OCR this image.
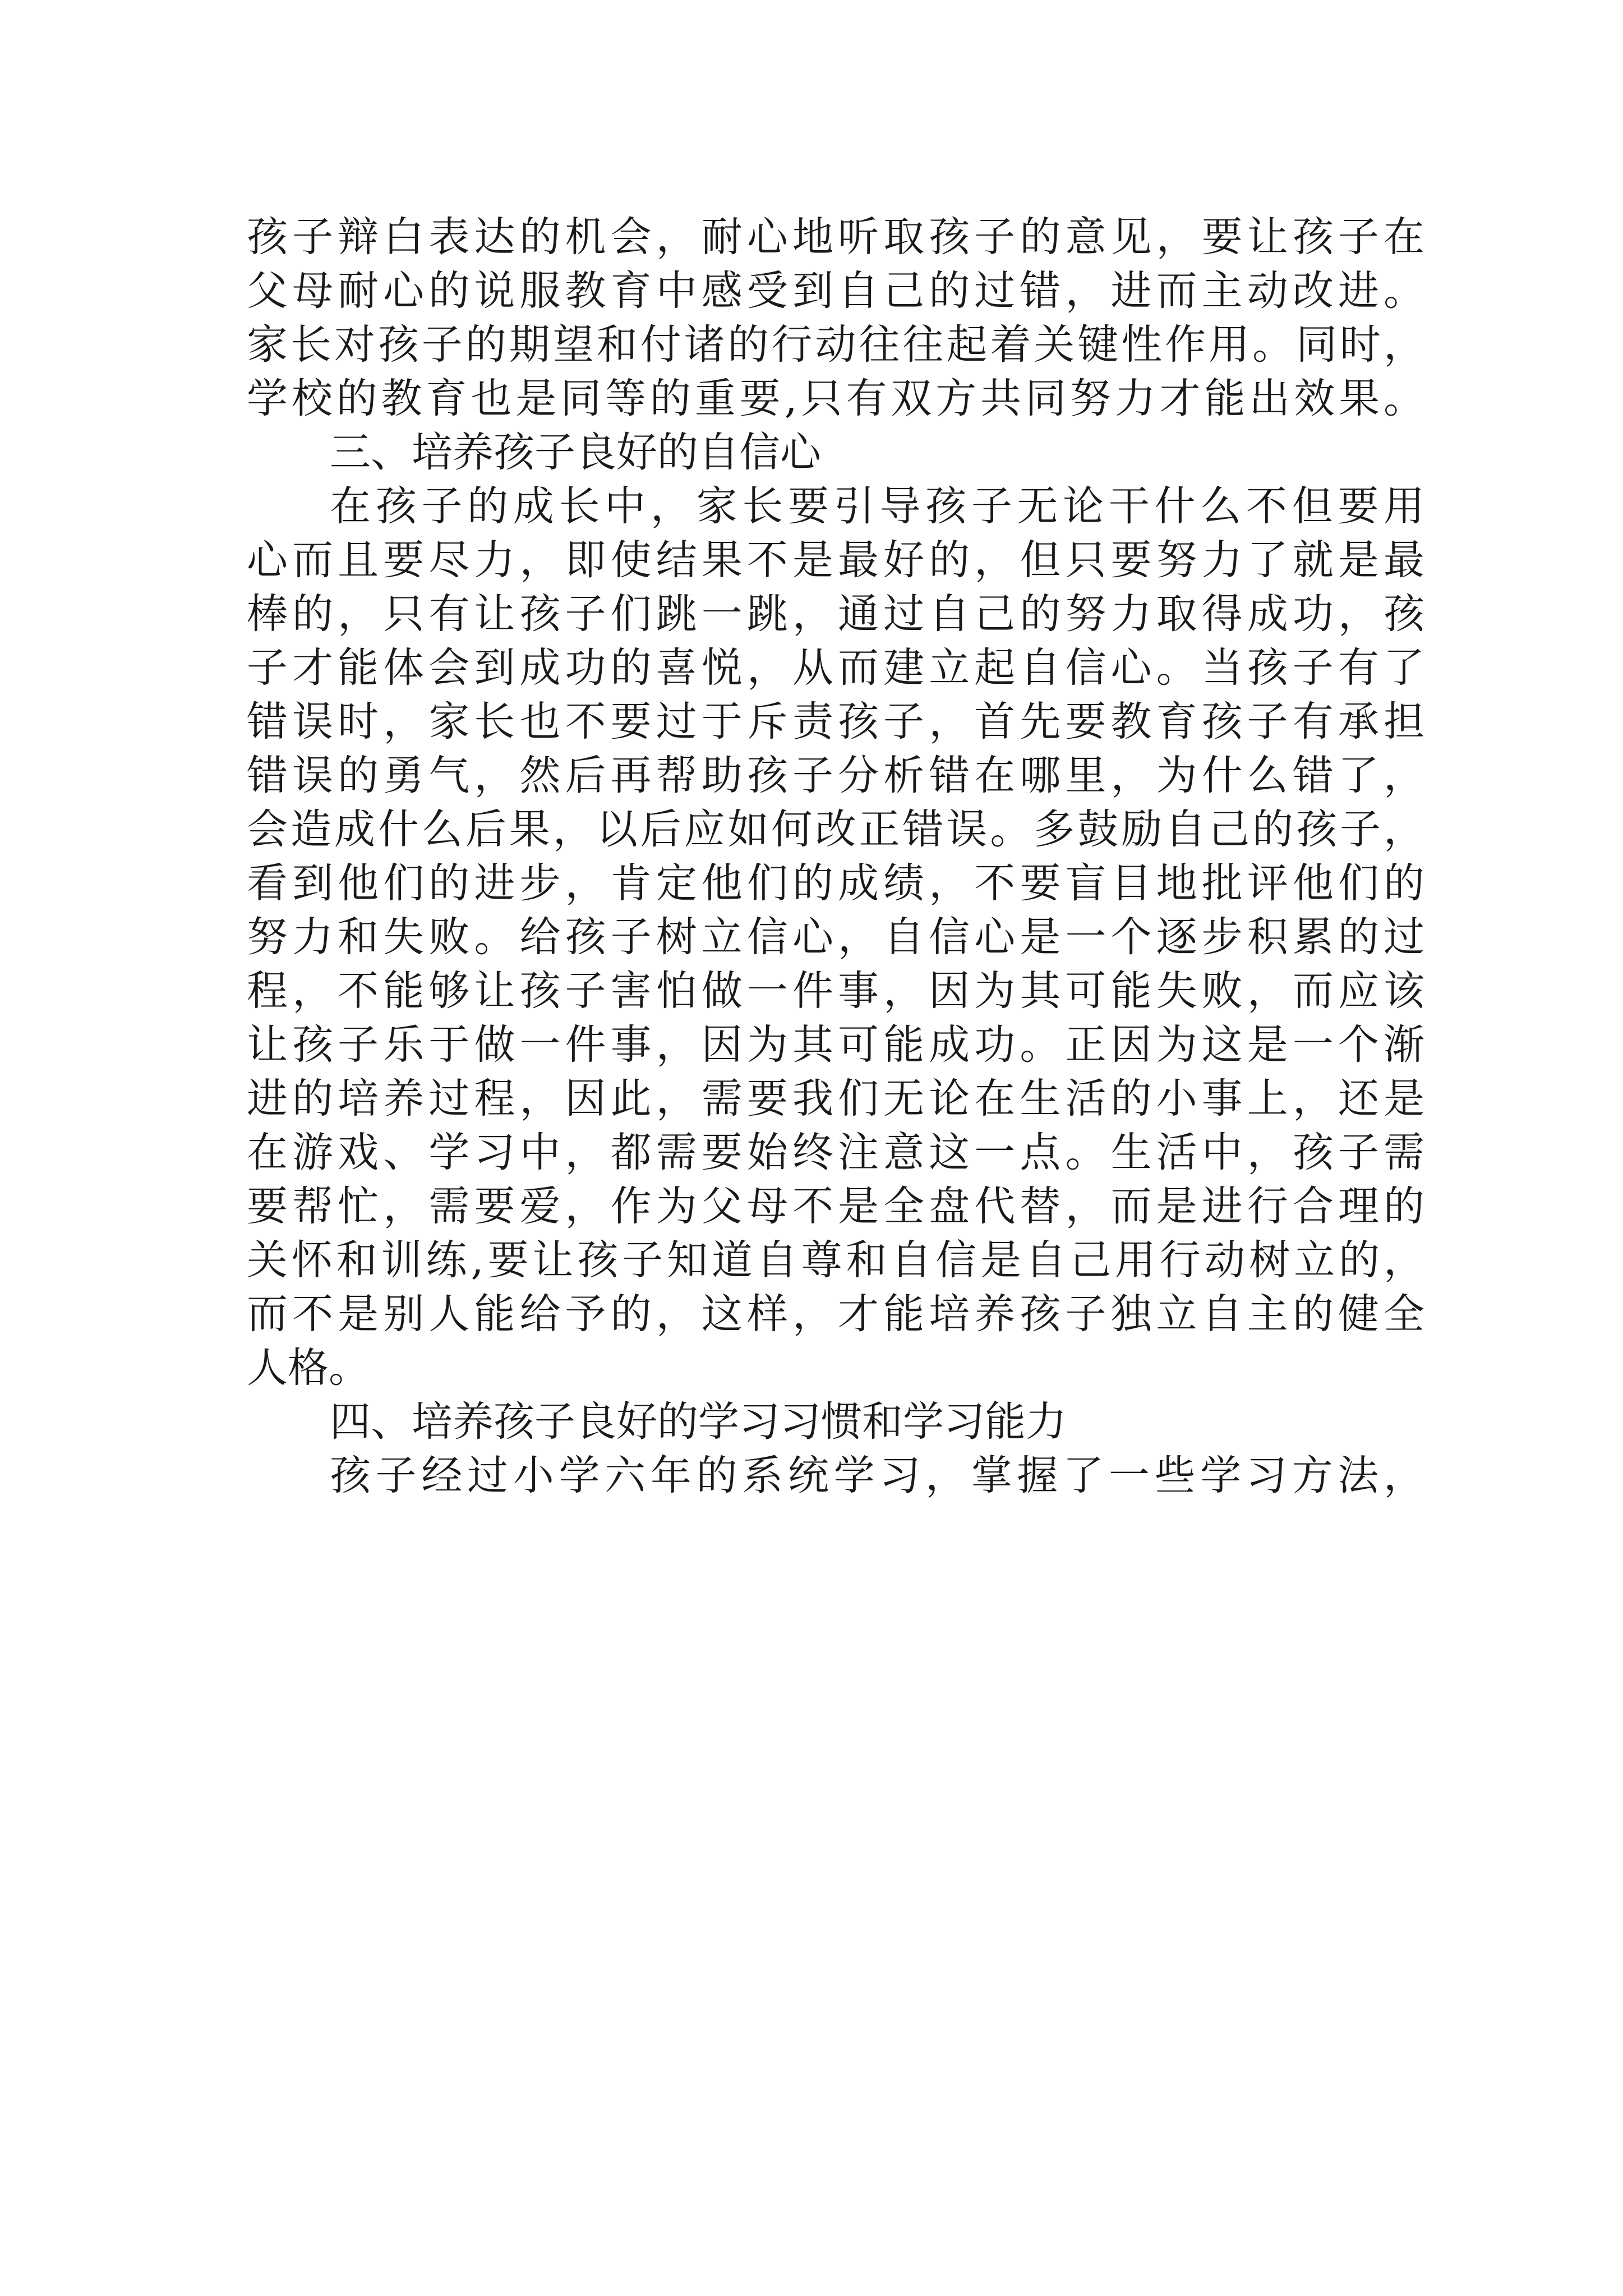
孩子辩白表达的机会，耐心地听取孩子的意见，要让孩子在
父母耐心的说服教育中感受到自己的过错，进而主动改进。
家长对孩子的期望和付诸的行动往往起着关键性作用。同时，
学校的教育也是同等的重要,只有双方共同努力才能出效果。
三、培养孩子良好的自信心
在孩子的成长中，家长要引导孩子无论干什么不但要用
心而且要尽力，即使结果不是最好的，但只要努力了就是最
棒的，只有让孩子们跳一跳，通过自己的努力取得成功，孩
子才能体会到成功的喜悦，从而建立起自信心。当孩子有了
错误时，家长也不要过于斥责孩子，首先要教育孩子有承担
错误的勇气，然后再帮助孩子分析错在哪里，为什么错了，
会造成什么后果，以后应如何改正错误。多鼓励自己的孩子，
看到他们的进步，肯定他们的成绩，不要盲目地批评他们的
努力和失败。给孩子树立信心，自信心是一个逐步积累的过
程，不能够让孩子害怕做一件事，因为其可能失败，而应该
让孩子乐于做一件事，因为其可能成功。正因为这是一个渐
进的培养过程，因此，需要我们无论在生活的小事上，还是
在游戏、学习中，都需要始终注意这一点。生活中，孩子需
要帮忙，需要爱，作为父母不是全盘代替，而是进行合理的
关怀和训练,要让孩子知道自尊和自信是自己用行动树立的，
而不是别人能给予的，这样，才能培养孩子独立自主的健全
人格。
四、培养孩子良好的学习习惯和学习能力
孩子经过小学六年的系统学习，掌握了一些学习方法，
